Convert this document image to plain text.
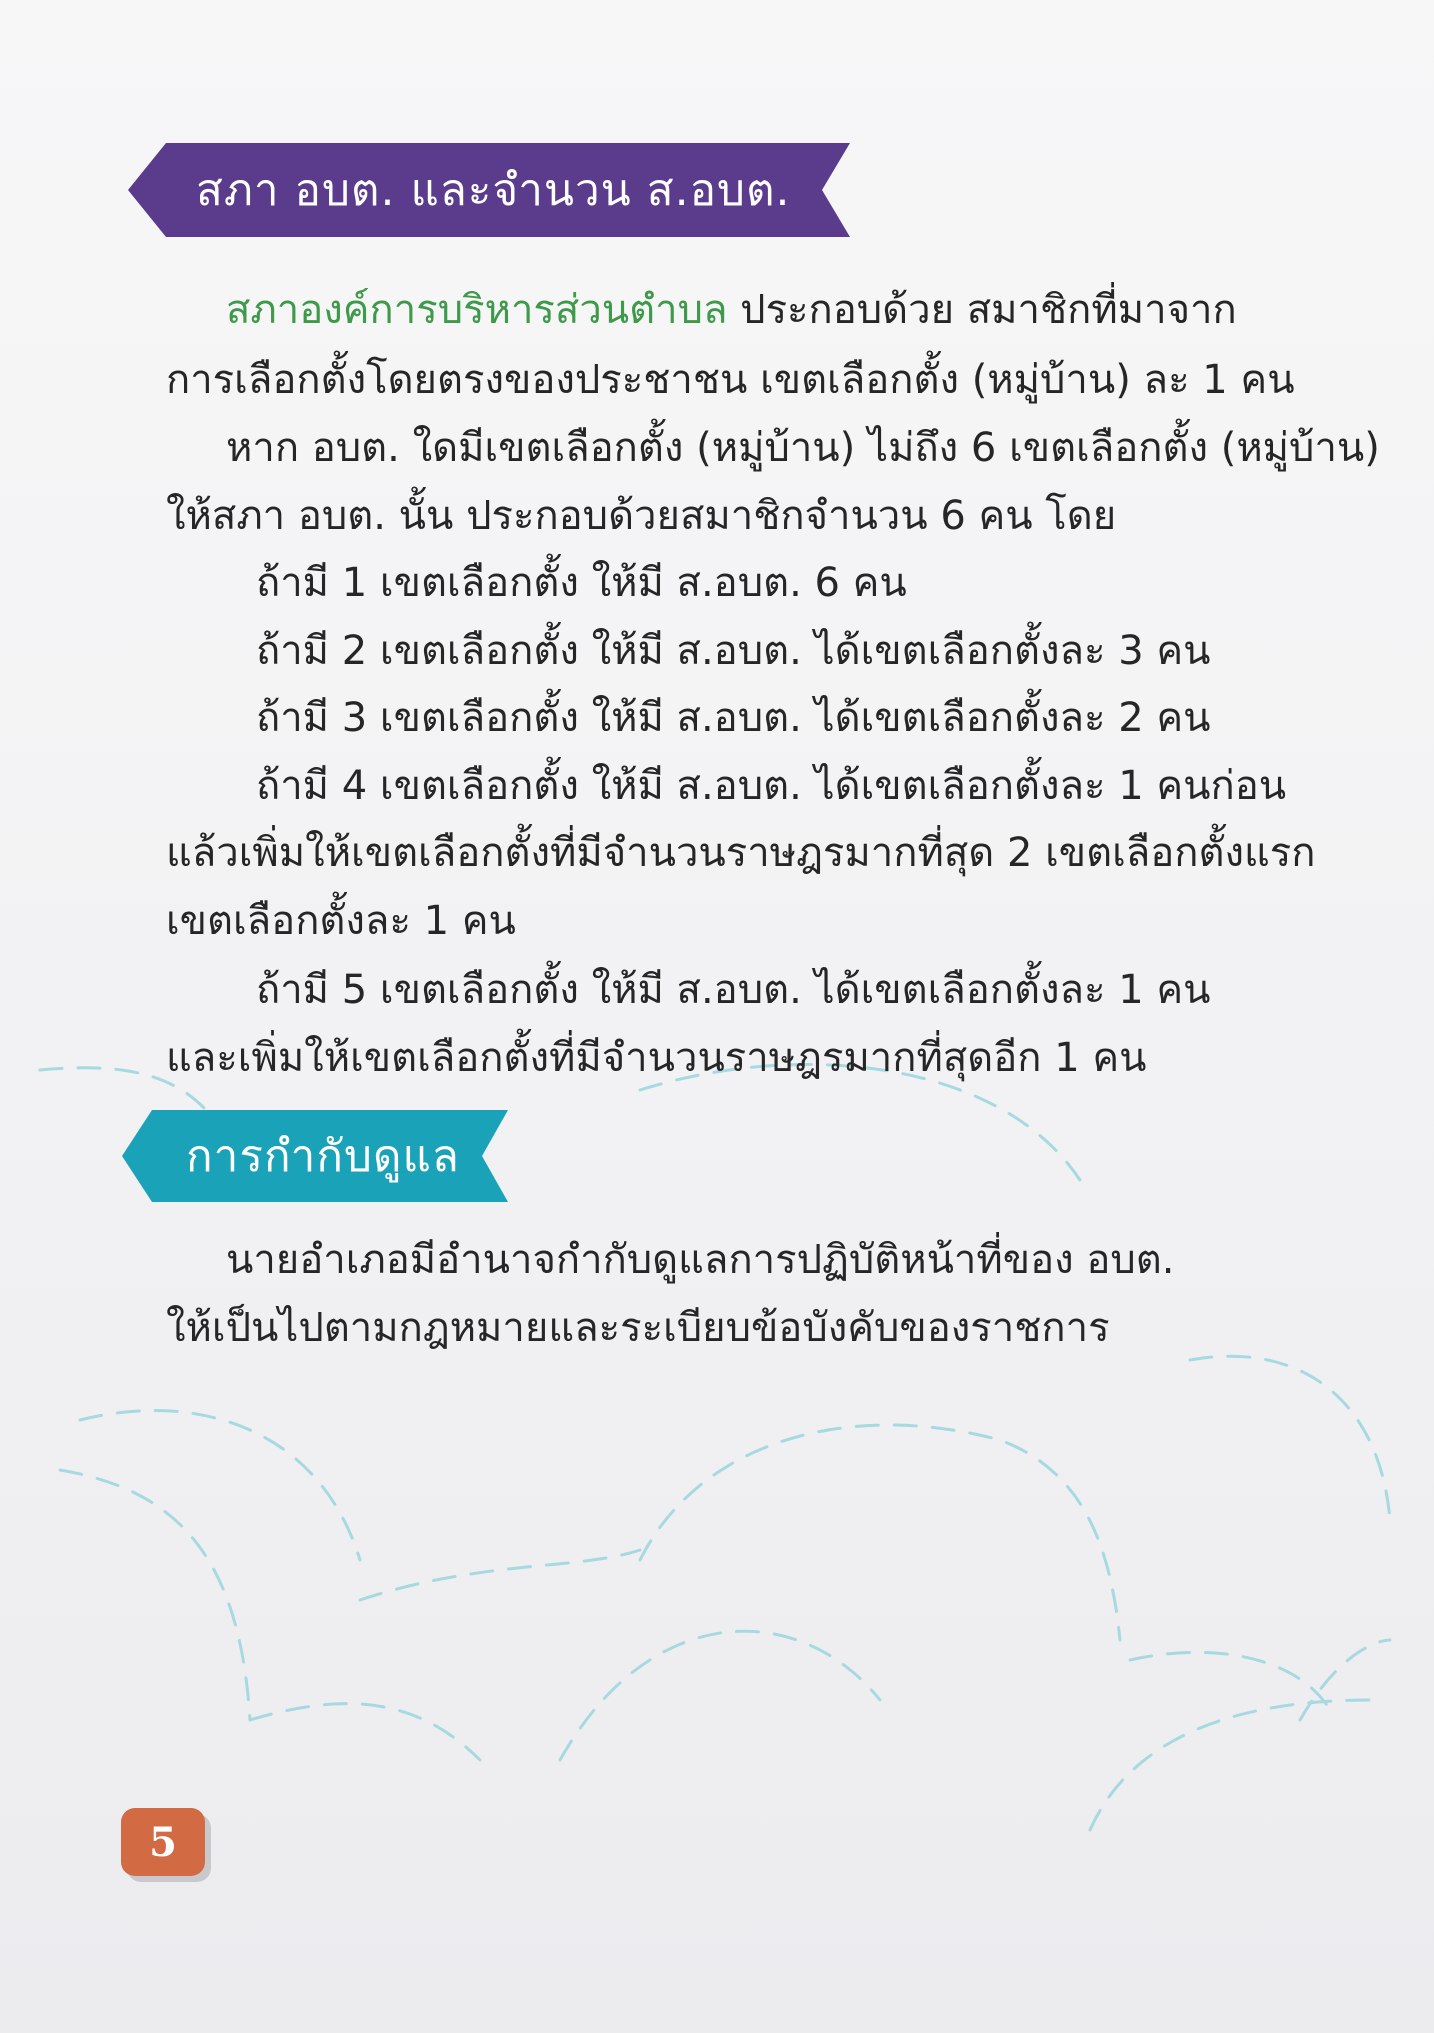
สภา อบต. และจำนวน ส.อบต.
สภาองค์การบริหารส่วนตำบล ประกอบด้วย สมาชิกที่มาจาก
การเลือกตั้งโดยตรงของประชาชน เขตเลือกตั้ง (หมู่บ้าน) ละ 1 คน
หาก อบต. ใดมีเขตเลือกตั้ง (หมู่บ้าน) ไม่ถึง 6 เขตเลือกตั้ง (หมู่บ้าน)
ให้สภา อบต. นั้น ประกอบด้วยสมาชิกจำนวน 6 คน โดย
ถ้ามี 1 เขตเลือกตั้ง ให้มี ส.อบต. 6 คน
ถ้ามี 2 เขตเลือกตั้ง ให้มี ส.อบต. ได้เขตเลือกตั้งละ 3 คน
ถ้ามี 3 เขตเลือกตั้ง ให้มี ส.อบต. ได้เขตเลือกตั้งละ 2 คน
ถ้ามี 4 เขตเลือกตั้ง ให้มี ส.อบต. ได้เขตเลือกตั้งละ 1 คนก่อน
แล้วเพิ่มให้เขตเลือกตั้งที่มีจำนวนราษฎรมากที่สุด 2 เขตเลือกตั้งแรก
เขตเลือกตั้งละ 1 คน
ถ้ามี 5 เขตเลือกตั้ง ให้มี ส.อบต. ได้เขตเลือกตั้งละ 1 คน
และเพิ่มให้เขตเลือกตั้งที่มีจำนวนราษฎรมากที่สุดอีก 1 คน
การกำกับดูแล
นายอำเภอมีอำนาจกำกับดูแลการปฏิบัติหน้าที่ของ อบต.
ให้เป็นไปตามกฎหมายและระเบียบข้อบังคับของราชการ
5
